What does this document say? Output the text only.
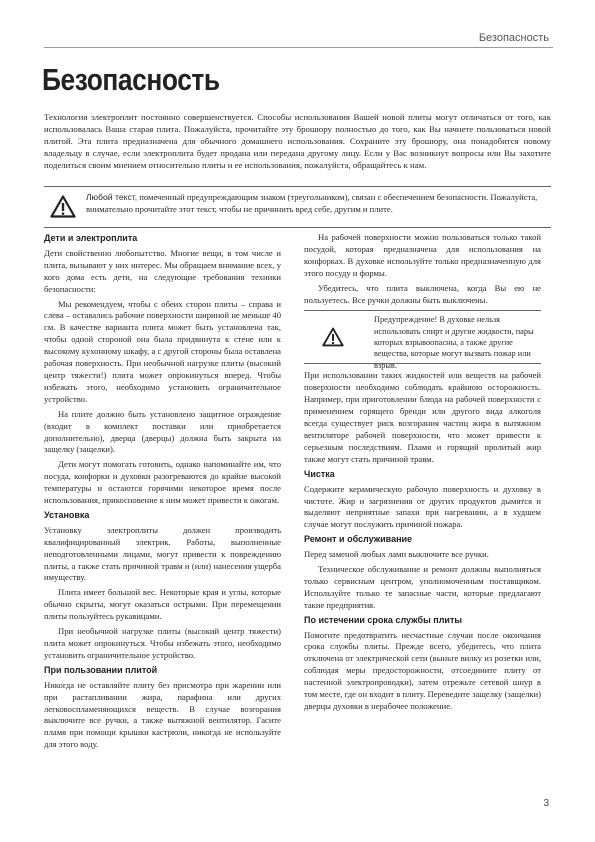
Безопасность
Безопасность
Технология электроплит постоянно совершенствуется. Способы использования Вашей новой плиты могут отличаться от того, как использовалась Ваша старая плита. Пожалуйста, прочитайте эту брошюру полностью до того, как Вы начнете пользоваться новой плитой. Эта плита предназначена для обычного домашнего использования. Сохраните эту брошюру, она понадобится новому владельцу в случае, если электроплита будет продана или передана другому лицу. Если у Вас возникнут вопросы или Вы захотите поделиться своим мнением относительно плиты и ее использования, пожалуйста, обращайтесь к нам.
Любой текст, помеченный предупреждающим знаком (треугольником), связан с обеспечением безопасности. Пожалуйста, внимательно прочитайте этот текст, чтобы не причинить вред себе, другим и плите.
Дети и электроплита

Дети свойственно любопытство. Многие вещи, в том числе и плита, вызывают у них интерес. Мы обращаем внимание всех, у кого дома есть дети, на следующие требования техники безопасности:

Мы рекомендуем, чтобы с обеих сторон плиты – справа и слева – оставались рабочие поверхности шириной не меньше 40 см. В качестве варианта плита может быть установлена так, чтобы одной стороной она была придвинута к стене или к высокому кухонному шкафу, а с другой стороны была оставлена рабочая поверхность. При необычной нагрузке плиты (высокий центр тяжести!) плита может опрокинуться вперед. Чтобы избежать этого, необходимо установить ограничительное устройство.

На плите должно быть установлено защитное ограждение (входит в комплект поставки или приобретается дополнительно), дверца (дверцы) должна быть закрыта на защелку (защелки).

Дети могут помогать готовить, однако напоминайте им, что посуда, конфорки и духовки разогреваются до крайне высокой температуры и остаются горячими некоторое время после использования, прикосновение к ним может привести к ожогам.

Установка

Установку электроплиты должен производить квалифицированный электрик. Работы, выполненные неподготовленными лицами, могут привести к повреждению плиты, а также стать причиной травм и (или) нанесения ущерба имуществу.

Плита имеет большой вес. Некоторые края и углы, которые обычно скрыты, могут оказаться острыми. При перемещении плиты пользуйтесь рукавицами.

При необычной нагрузке плиты (высокий центр тяжести) плита может опрокинуться. Чтобы избежать этого, необходимо установить ограничительное устройство.

При пользовании плитой

Никогда не оставляйте плиту без присмотра при жарении или при растапливании жира, парафина или других легковоспламеняющихся веществ. В случае возгорания выключите все ручки, а также вытяжной вентилятор. Гасите пламя при помощи крышки кастрюли, никогда не используйте для этого воду.

На рабочей поверхности можно пользоваться только такой посудой, которая предназначена для использования на конфорках. В духовке используйте только предназначенную для этого посуду и формы.

Убедитесь, что плита выключена, когда Вы ею не пользуетесь. Все ручки должны быть выключены.

Предупреждение! В духовке нельзя использовать спирт и другие жидкости, пары которых взрывоопасны, а также другие вещества, которые могут вызвать пожар или взрыв.

При использовании таких жидкостей или веществ на рабочей поверхности необходимо соблюдать крайнюю осторожность. Например, при приготовлении блюда на рабочей поверхности с применением горящего бренди или другого вида алкоголя всегда существует риск возгорания частиц жира в вытяжном вентиляторе рабочей поверхности, что может привести к серьезным последствиям. Пламя и горящий пролитый жир также могут стать причиной травм.

Чистка

Содержите керамическую рабочую поверхность и духовку в чистоте. Жир и загрязнения от других продуктов дымятся и выделяют неприятные запахи при нагревании, а в худшем случае могут послужить причиной пожара.

Ремонт и обслуживание

Перед заменой любых ламп выключите все ручки.

Техническое обслуживание и ремонт должны выполняться только сервисным центром, уполномоченным поставщиком. Используйте только те запасные части, которые предлагают такие предприятия.

По истечении срока службы плиты

Помогите предотвратить несчастные случаи после окончания срока службы плиты. Прежде всего, убедитесь, что плита отключена от электрической сети (выньте вилку из розетки или, соблюдая меры предосторожности, отсоедините плиту от настенной электропроводки), затем отрежьте сетевой шнур в том месте, где он входит в плиту. Переведите защелку (защелки) дверцы духовки в нерабочее положение.

3
